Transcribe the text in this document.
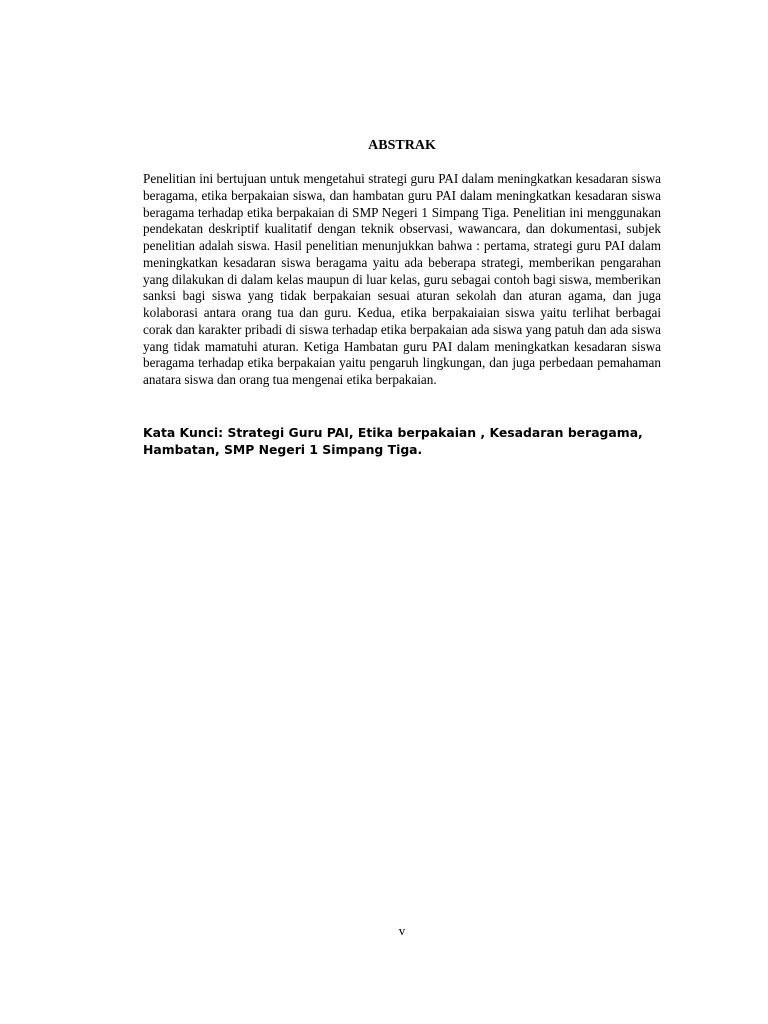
ABSTRAK

Penelitian ini bertujuan untuk mengetahui strategi guru PAI dalam meningkatkan kesadaran siswa beragama, etika berpakaian siswa, dan hambatan guru PAI dalam meningkatkan kesadaran siswa beragama terhadap etika berpakaian di SMP Negeri 1 Simpang Tiga. Penelitian ini menggunakan pendekatan deskriptif kualitatif dengan teknik observasi, wawancara, dan dokumentasi, subjek penelitian adalah siswa. Hasil penelitian menunjukkan bahwa : pertama, strategi guru PAI dalam meningkatkan kesadaran siswa beragama yaitu ada beberapa strategi, memberikan pengarahan yang dilakukan di dalam kelas maupun di luar kelas, guru sebagai contoh bagi siswa, memberikan sanksi bagi siswa yang tidak berpakaian sesuai aturan sekolah dan aturan agama, dan juga kolaborasi antara orang tua dan guru. Kedua, etika berpakaiaian siswa yaitu terlihat berbagai corak dan karakter pribadi di siswa terhadap etika berpakaian ada siswa yang patuh dan ada siswa yang tidak mamatuhi aturan. Ketiga Hambatan guru PAI dalam meningkatkan kesadaran siswa beragama terhadap etika berpakaian yaitu pengaruh lingkungan, dan juga perbedaan pemahaman anatara siswa dan orang tua mengenai etika berpakaian.

Kata Kunci: Strategi Guru PAI, Etika berpakaian , Kesadaran beragama, Hambatan, SMP Negeri 1 Simpang Tiga.
v
